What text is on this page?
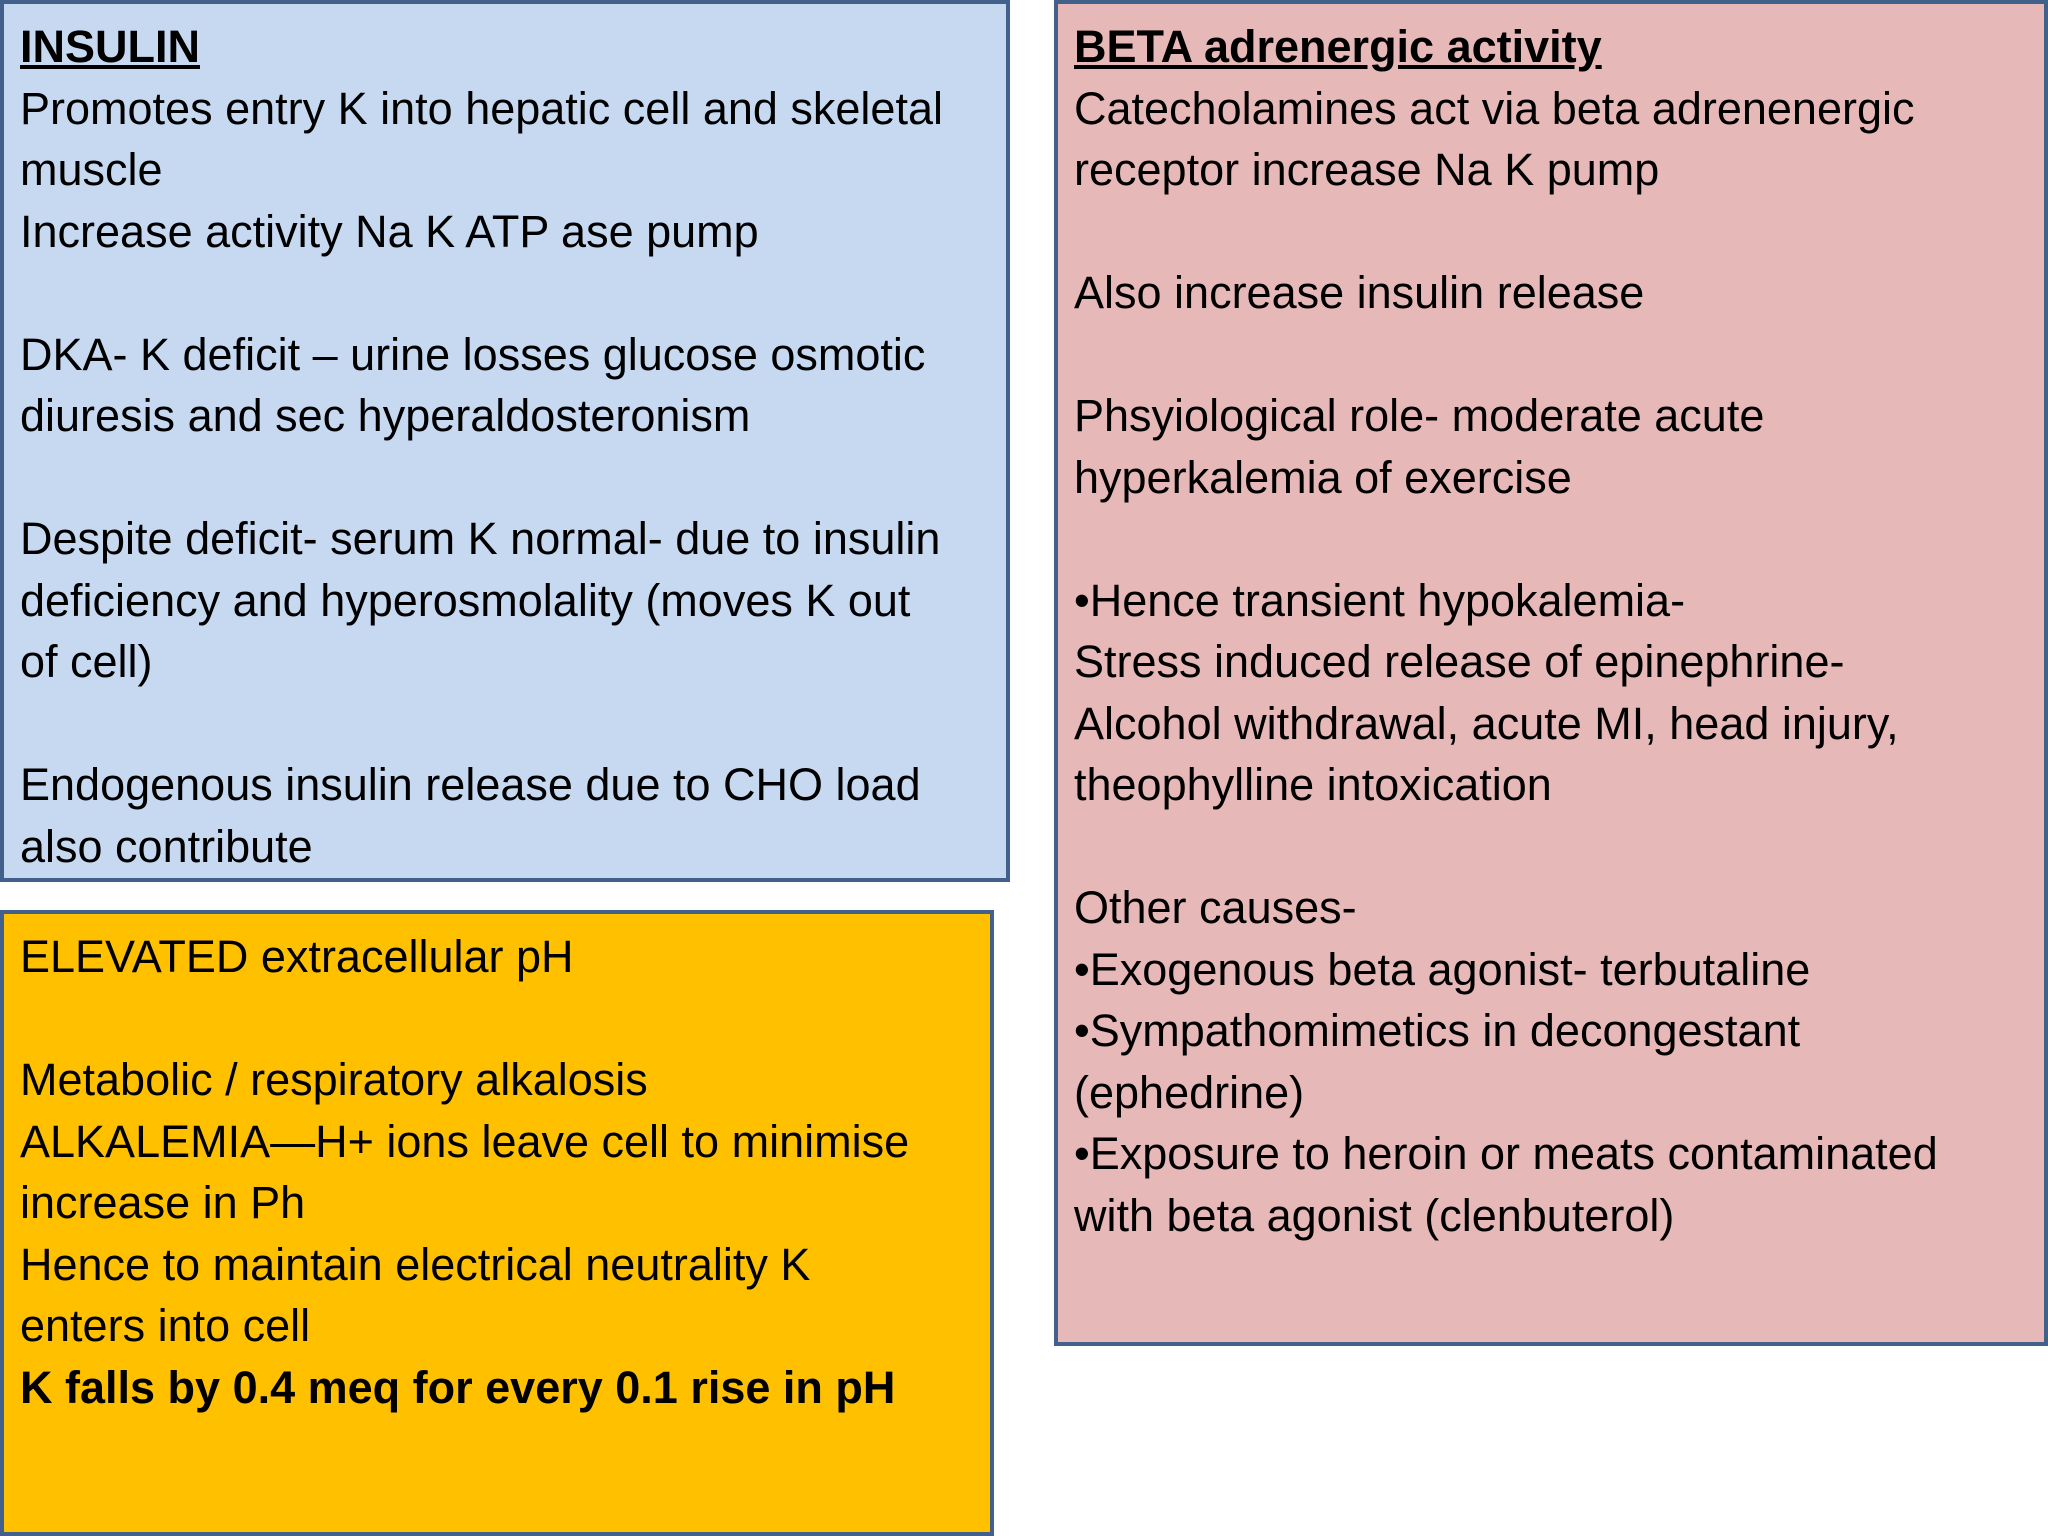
INSULIN
Promotes entry K into hepatic cell and skeletal
muscle
Increase activity Na K ATP ase pump
DKA- K deficit – urine losses glucose osmotic
diuresis and sec hyperaldosteronism
Despite deficit- serum K normal- due to insulin
deficiency and hyperosmolality (moves K out
of cell)
Endogenous insulin release due to CHO load
also contribute
BETA adrenergic activity
Catecholamines act via beta adrenenergic
receptor increase Na K pump
Also increase insulin release
Phsyiological role- moderate acute
hyperkalemia of exercise
•Hence transient hypokalemia-
Stress induced release of epinephrine-
Alcohol withdrawal, acute MI, head injury,
theophylline intoxication
Other causes-
•Exogenous beta agonist- terbutaline
•Sympathomimetics in decongestant
(ephedrine)
•Exposure to heroin or meats contaminated
with beta agonist (clenbuterol)
ELEVATED extracellular pH
Metabolic / respiratory alkalosis
ALKALEMIA—H+ ions leave cell to minimise
increase in Ph
Hence to maintain electrical neutrality K
enters into cell
K falls by 0.4 meq for every 0.1 rise in pH
